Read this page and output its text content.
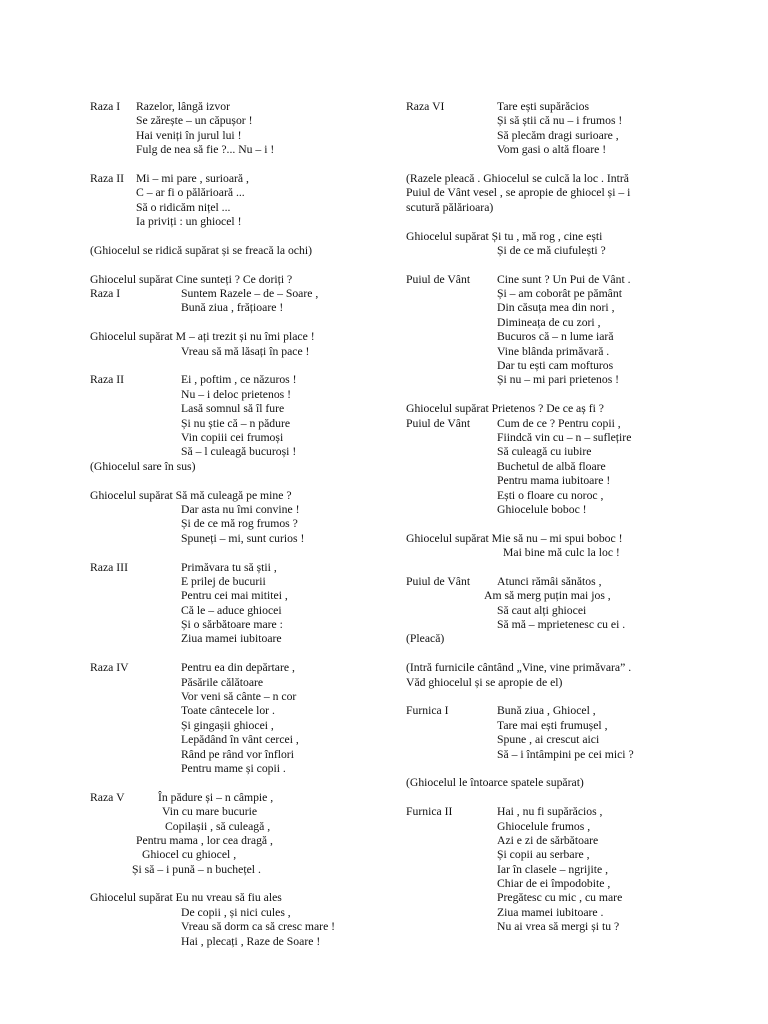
Raza I Razelor, lângă izvor
Se zărește – un căpușor !
Hai veniți în jurul lui !
Fulg de nea să fie ?... Nu – i !
Raza II Mi – mi pare , surioară ,
C – ar fi o pălărioară ...
Să o ridicăm nițel ...
Ia priviți : un ghiocel !
(Ghiocelul se ridică supărat și se freacă la ochi)
Ghiocelul supărat Cine sunteți ? Ce doriți ?
Raza I	Suntem Razele – de – Soare ,
Bună ziua , frățioare !
Ghiocelul supărat M – ați trezit și nu îmi place !
Vreau să mă lăsați în pace !
Raza II	Ei , poftim , ce năzuros !
Nu – i deloc prietenos !
Lasă somnul să îl fure
Și nu știe că – n pădure
Vin copiii cei frumoși
Să – l culeagă bucuroși !
(Ghiocelul sare în sus)
Ghiocelul supărat Să mă culeagă pe mine ?
Dar asta nu îmi convine !
Și de ce mă rog frumos ?
Spuneți – mi, sunt curios !
Raza III	Primăvara tu să știi ,
E prilej de bucurii
Pentru cei mai mititei ,
Că le – aduce ghiocei
Și o sărbătoare mare :
Ziua mamei iubitoare
Raza IV	Pentru ea din depărtare ,
Păsările călătoare
Vor veni să cânte – n cor
Toate cântecele lor .
Și gingașii ghiocei ,
Lepădând în vânt cercei ,
Rând pe rând vor înflori
Pentru mame și copii .
Raza V	În pădure și – n câmpie ,
Vin cu mare bucurie
Copilașii , să culeagă ,
Pentru mama , lor cea dragă ,
Ghiocel cu ghiocel ,
Și să – i pună – n buchețel .
Ghiocelul supărat Eu nu vreau să fiu ales
De copii , și nici cules ,
Vreau să dorm ca să cresc mare !
Hai , plecați , Raze de Soare !
Raza VI	Tare ești supărăcios
Și să știi că nu – i frumos !
Să plecăm dragi surioare ,
Vom gasi o altă floare !
(Razele pleacă . Ghiocelul se culcă la loc . Intră
Puiul de Vânt vesel , se apropie de ghiocel și – i
scutură pălărioara)
Ghiocelul supărat Și tu , mă rog , cine ești
Și de ce mă ciufulești ?
Puiul de Vânt Cine sunt ? Un Pui de Vânt .
Și – am coborât pe pământ
Din căsuța mea din nori ,
Dimineața de cu zori ,
Bucuros că – n lume iară
Vine blânda primăvară .
Dar tu ești cam mofturos
Și nu – mi pari prietenos !
Ghiocelul supărat Prietenos ? De ce aș fi ?
Puiul de Vânt Cum de ce ? Pentru copii ,
Fiindcă vin cu – n – suflețire
Să culeagă cu iubire
Buchetul de albă floare
Pentru mama iubitoare !
Ești o floare cu noroc ,
Ghiocelule boboc !
Ghiocelul supărat Mie să nu – mi spui boboc !
Mai bine mă culc la loc !
Puiul de Vânt Atunci rămâi sănătos ,
Am să merg puțin mai jos ,
Să caut alți ghiocei
Să mă – mprietenesc cu ei .
(Pleacă)
(Intră furnicile cântând „Vine, vine primăvara” .
Văd ghiocelul și se apropie de el)
Furnica I	Bună ziua , Ghiocel ,
Tare mai ești frumușel ,
Spune , ai crescut aici
Să – i întâmpini pe cei mici ?
(Ghiocelul le întoarce spatele supărat)
Furnica II	Hai , nu fi supărăcios ,
Ghiocelule frumos ,
Azi e zi de sărbătoare
Și copii au serbare ,
Iar în clasele – ngrijite ,
Chiar de ei împodobite ,
Pregătesc cu mic , cu mare
Ziua mamei iubitoare .
Nu ai vrea să mergi și tu ?
